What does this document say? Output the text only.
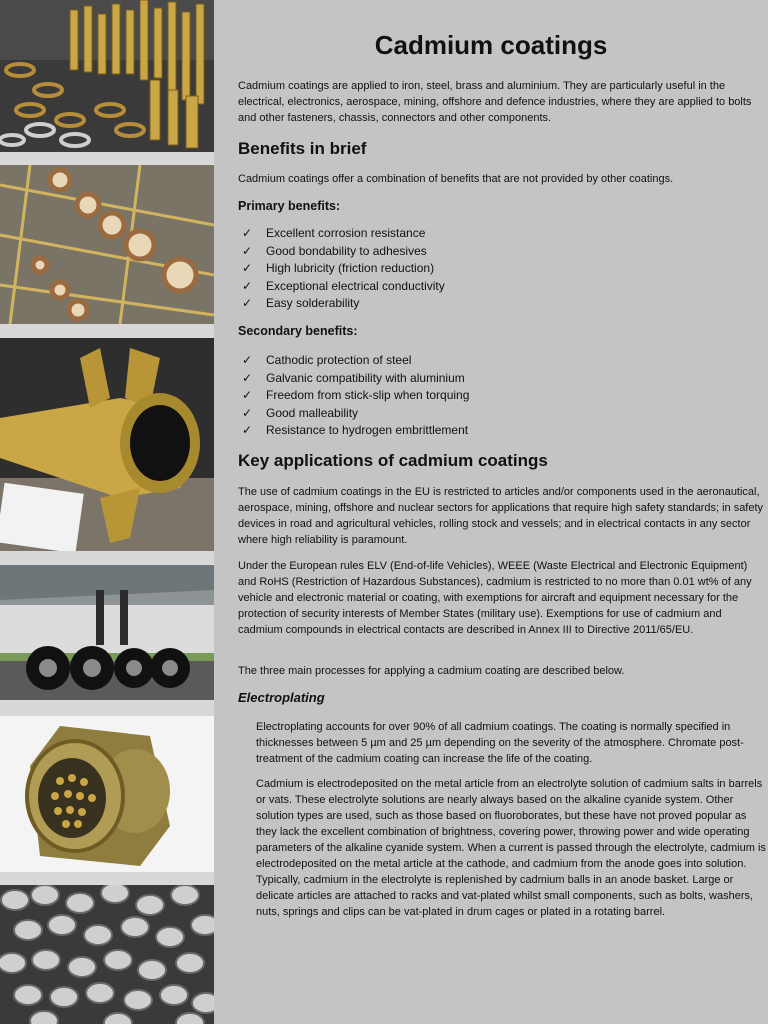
Cadmium coatings

Cadmium coatings are applied to iron, steel, brass and aluminium. They are particularly useful in the electrical, electronics, aerospace, mining, offshore and defence industries, where they are applied to bolts and other fasteners, chassis, connectors and other components.

Benefits in brief

Cadmium coatings offer a combination of benefits that are not provided by other coatings.

Primary benefits:
✓	Excellent corrosion resistance
✓	Good bondability to adhesives
✓	High lubricity (friction reduction)
✓	Exceptional electrical conductivity
✓	Easy solderability
Secondary benefits:
✓	Cathodic protection of steel
✓	Galvanic compatibility with aluminium
✓	Freedom from stick-slip when torquing
✓	Good malleability
✓	Resistance to hydrogen embrittlement
Key applications of cadmium coatings

The use of cadmium coatings in the EU is restricted to articles and/or components used in the aeronautical, aerospace, mining, offshore and nuclear sectors for applications that require high safety standards; in safety devices in road and agricultural vehicles, rolling stock and vessels; and in electrical contacts in any sector where high reliability is paramount.

Under the European rules ELV (End-of-life Vehicles), WEEE (Waste Electrical and Electronic Equipment) and RoHS (Restriction of Hazardous Substances), cadmium is restricted to no more than 0.01 wt% of any vehicle and electronic material or coating, with exemptions for aircraft and equipment necessary for the protection of security interests of Member States (military use). Exemptions for use of cadmium and cadmium compounds in electrical contacts are described in Annex III to Directive 2011/65/EU.

The three main processes for applying a cadmium coating are described below.

Electroplating

Electroplating accounts for over 90% of all cadmium coatings. The coating is normally specified in thicknesses between 5 µm and 25 µm depending on the severity of the atmosphere. Chromate post-treatment of the cadmium coating can increase the life of the coating.

Cadmium is electrodeposited on the metal article from an electrolyte solution of cadmium salts in barrels or vats. These electrolyte solutions are nearly always based on the alkaline cyanide system. Other solution types are used, such as those based on fluoroborates, but these have not proved popular as they lack the excellent combination of brightness, covering power, throwing power and wide operating parameters of the alkaline cyanide system. When a current is passed through the electrolyte, cadmium is electrodeposited on the metal article at the cathode, and cadmium from the anode goes into solution. Typically, cadmium in the electrolyte is replenished by cadmium balls in an anode basket. Large or delicate articles are attached to racks and vat-plated whilst small components, such as bolts, washers, nuts, springs and clips can be vat-plated in drum cages or plated in a rotating barrel.
